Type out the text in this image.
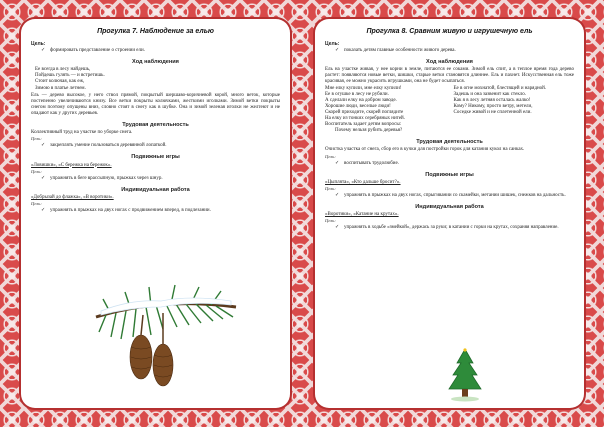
Прогулка 7. Наблюдение за елью
Цель:
✓ формировать представление о строении ели.
Ход наблюдения
Ее всегда в лесу найдешь,
Пойдешь гулять — и встретишь.
Стоит колючая, как еж,
Зимою в платье летнем.
Ель — дерево высокое, у него ствол прямой, покрытый шершаво-коричневой корой, много веток, которые постепенно увеличиваются книзу. Все ветки покрыты колючками, жесткими иголками. Зимой ветки покрыты снегом поэтому опущены вниз, словно стоят в снегу как в шубке. Она и зимой зеленая иголки не желтеют и не опадают как у других деревьев.
Трудовая деятельность
Коллективный труд на участке по уборке снега.
Цель:
✓ закреплять умение пользоваться деревянной лопаткой.
Подвижные игры
«Ловишки», «С бережка на бережок».
Цель:
✓ упражнять в беге врассыпную, прыжках через шнур.
Индивидуальная работа
«Добрызай до флажка», «В воротики».
Цель:
✓ упражнять в прыжках на двух ногах с продвижением вперед, в подлезании.
Прогулка 8. Сравним живую и игрушечную ель
Цель:
✓ показать детям главные особенности живого дерева.
Ход наблюдения
Ель на участке живая, у нее корни в земле, питаются ее соками. Зимой ель спит, а в теплое время года дерево растет: появляются новые ветки, шишки, старые ветки становятся длиннее. Ель и пахнет. Искусственная ель тоже красивая, ее можно украсить игрушками, она не будет осыпаться.
Мне елку купили, мне елку купили!
Ее в огушке в лесу не рубили.
А сделали елку на добром заводе.
Хорошие люди, веселые люди!
Скорей приходите, скорей поглядите
На елку из тонких серебряных нитей.
Ее в огне мохнатой, блестящей и нарядной.
Задешь и она зазвенит как стекло.
Как я в лесу летняя осталась жалко!
Кому? Никому, просто ветру, метели,
Соседке живой и не сплетенной ели.
Воспитатель задает детям вопросы:
Почему нельзя рубить деревья?
Трудовая деятельность
Очистка участка от снега, сбор его в кучки для постройки горок для катания кукол на санках.
Цель:
✓ воспитывать трудолюбие.
Подвижные игры
«Цыплята», «Кто дальше бросит?».
Цель:
✓ упражнять в прыжках на двух ногах, спрыгивании со скамейки, метании шишек, снежков на дальность.
Индивидуальная работа
«Воротики», «Катание на крутах».
Цель:
✓ упражнять в ходьбе «змейкой», держась за руки; в катании с горки на крутах, сохраняя направление.
